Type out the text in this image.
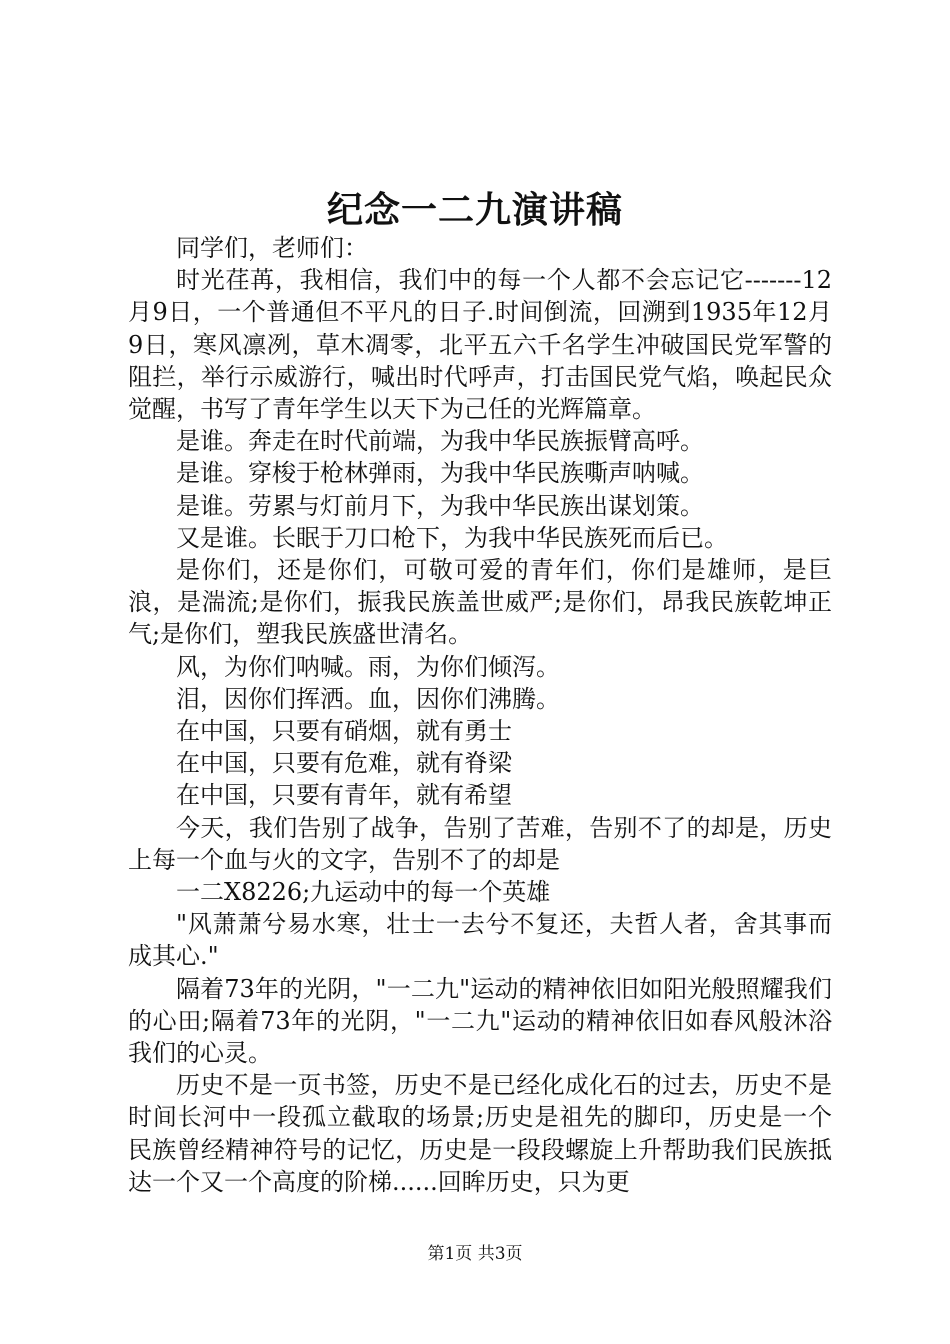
纪念一二九演讲稿

同学们，老师们：

时光荏苒，我相信，我们中的每一个人都不会忘记它-------12月9日，一个普通但不平凡的日子.时间倒流，回溯到1935年12月9日，寒风凛冽，草木凋零，北平五六千名学生冲破国民党军警的阻拦，举行示威游行，喊出时代呼声，打击国民党气焰，唤起民众觉醒，书写了青年学生以天下为己任的光辉篇章。

是谁。奔走在时代前端，为我中华民族振臂高呼。

是谁。穿梭于枪林弹雨，为我中华民族嘶声呐喊。

是谁。劳累与灯前月下，为我中华民族出谋划策。

又是谁。长眠于刀口枪下，为我中华民族死而后已。

是你们，还是你们，可敬可爱的青年们，你们是雄师，是巨浪，是湍流;是你们，振我民族盖世威严;是你们，昂我民族乾坤正气;是你们，塑我民族盛世清名。

风，为你们呐喊。雨，为你们倾泻。

泪，因你们挥洒。血，因你们沸腾。

在中国，只要有硝烟，就有勇士

在中国，只要有危难，就有脊梁

在中国，只要有青年，就有希望

今天，我们告别了战争，告别了苦难，告别不了的却是，历史上每一个血与火的文字，告别不了的却是

一二X8226;九运动中的每一个英雄

"风萧萧兮易水寒，壮士一去兮不复还，夫哲人者，舍其事而成其心."

隔着73年的光阴，"一二九"运动的精神依旧如阳光般照耀我们的心田;隔着73年的光阴，"一二九"运动的精神依旧如春风般沐浴我们的心灵。

历史不是一页书签，历史不是已经化成化石的过去，历史不是时间长河中一段孤立截取的场景;历史是祖先的脚印，历史是一个民族曾经精神符号的记忆，历史是一段段螺旋上升帮助我们民族抵达一个又一个高度的阶梯......回眸历史，只为更

第1页 共3页
